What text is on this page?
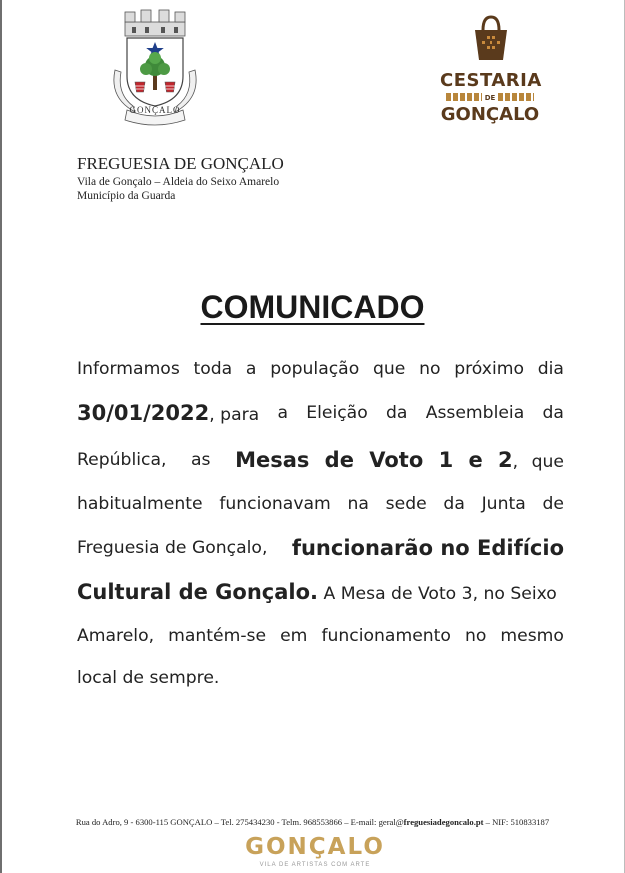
GONÇALO
CESTARIA
DE
GONÇALO
FREGUESIA DE GONÇALO
Vila de Gonçalo – Aldeia do Seixo Amarelo
Município da Guarda
COMUNICADO
Informamos toda a população que no próximo dia
30/01/2022, para a Eleição da Assembleia da
República, as Mesas de Voto 1 e 2, que
habitualmente funcionavam na sede da Junta de
Freguesia de Gonçalo, funcionarão no Edifício
Cultural de Gonçalo. A Mesa de Voto 3, no Seixo
Amarelo, mantém-se em funcionamento no mesmo
local de sempre.
Rua do Adro, 9 - 6300-115 GONÇALO – Tel. 275434230 - Telm. 968553866 – E-mail: geral@freguesiadegoncalo.pt – NIF: 510833187
GONÇALO
VILA DE ARTISTAS COM ARTE
